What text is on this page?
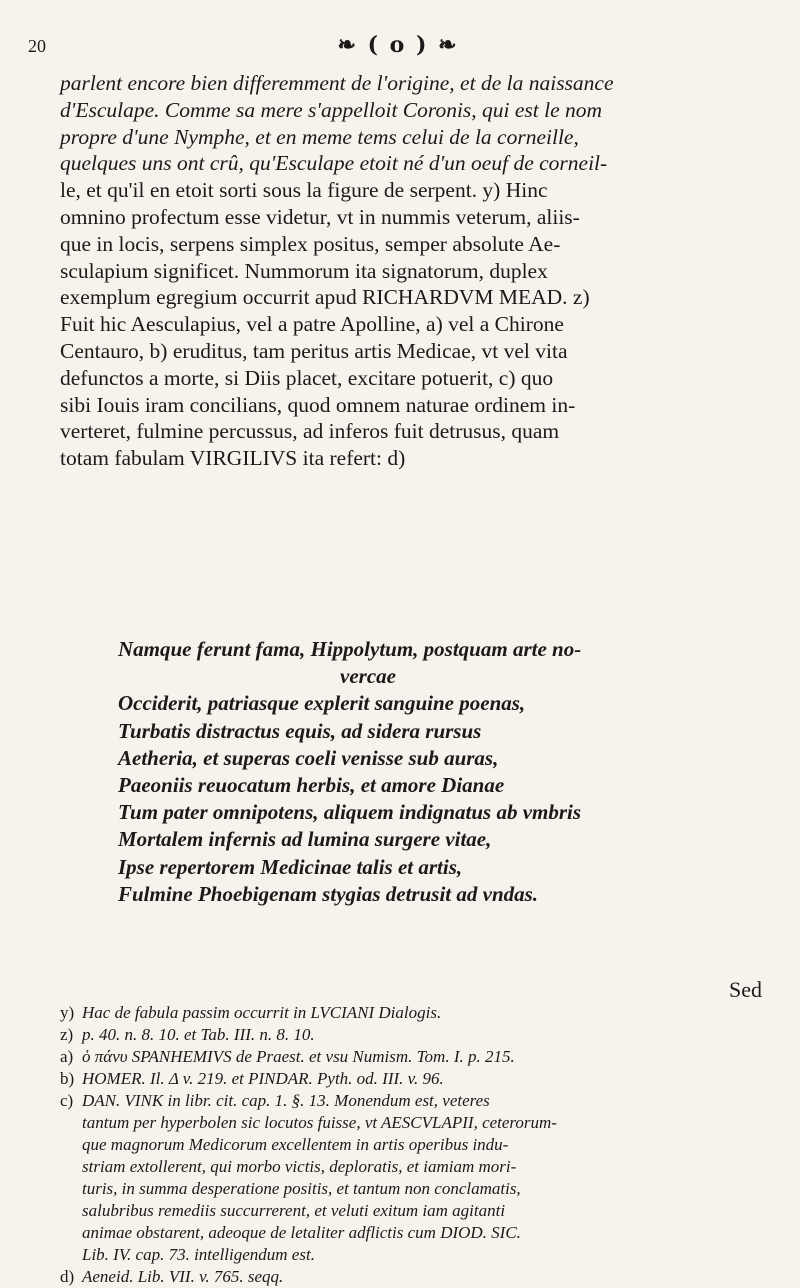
20	❧ ( o ) ❧
parlent encore bien differemment de l'origine, et de la naissance
d'Esculape. Comme sa mere s'appelloit Coronis, qui est le nom
propre d'une Nymphe, et en meme tems celui de la corneille,
quelques uns ont crû, qu'Esculape etoit né d'un oeuf de corneil-
le, et qu'il en etoit sorti sous la figure de serpent. y) Hinc
omnino profectum esse videtur, vt in nummis veterum, aliis-
que in locis, serpens simplex positus, semper absolute Ae-
sculapium significet. Nummorum ita signatorum, duplex
exemplum egregium occurrit apud RICHARDVM MEAD. z)
Fuit hic Aesculapius, vel a patre Apolline, a) vel a Chirone
Centauro, b) eruditus, tam peritus artis Medicae, vt vel vita
defunctos a morte, si Diis placet, excitare potuerit, c) quo
sibi Iouis iram concilians, quod omnem naturae ordinem in-
verteret, fulmine percussus, ad inferos fuit detrusus, quam
totam fabulam VIRGILIVS ita refert: d)
Namque ferunt fama, Hippolytum, postquam arte no-
vercae
Occiderit, patriasque explerit sanguine poenas,
Turbatis distractus equis, ad sidera rursus
Aetheria, et superas coeli venisse sub auras,
Paeoniis reuocatum herbis, et amore Dianae
Tum pater omnipotens, aliquem indignatus ab vmbris
Mortalem infernis ad lumina surgere vitae,
Ipse repertorem Medicinae talis et artis,
Fulmine Phoebigenam stygias detrusit ad vndas.
Sed
y) Hac de fabula passim occurrit in LVCIANI Dialogis.
z) p. 40. n. 8. 10. et Tab. III. n. 8. 10.
a) ὁ πάνυ SPANHEMIVS de Praest. et vsu Numism. Tom. I. p. 215.
b) HOMER. Il. Δ v. 219. et PINDAR. Pyth. od. III. v. 96.
c) DAN. VINK in libr. cit. cap. 1. §. 13. Monendum est, veteres
tantum per hyperbolen sic locutos fuisse, vt AESCVLAPII, ceterorum-
que magnorum Medicorum excellentem in artis operibus indu-
striam extollerent, qui morbo victis, deploratis, et iamiam mori-
turis, in summa desperatione positis, et tantum non conclamatis,
salubribus remediis succurrerent, et veluti exitum iam agitanti
animae obstarent, adeoque de letaliter adflictis cum DIOD. SIC.
Lib. IV. cap. 73. intelligendum est.
d) Aeneid. Lib. VII. v. 765. seqq.
